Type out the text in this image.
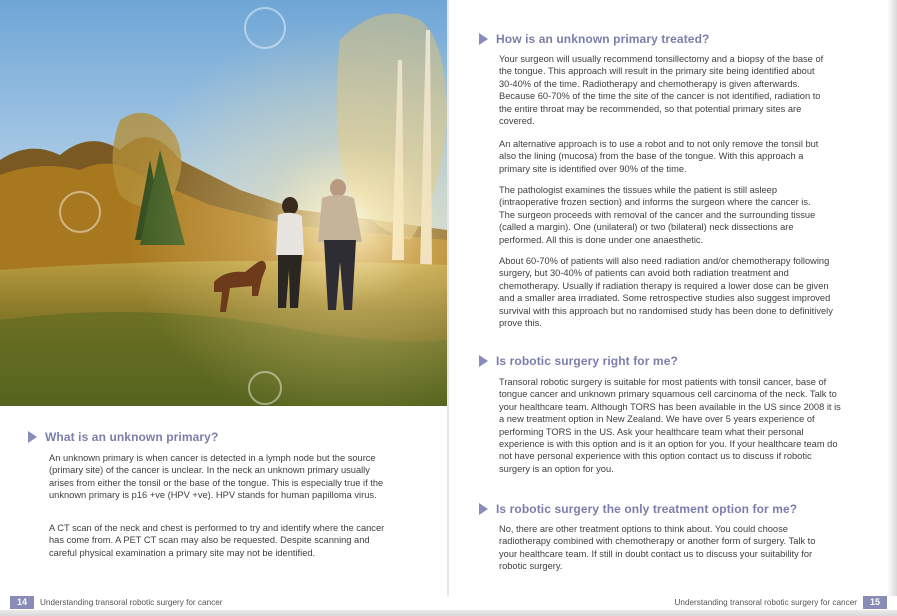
What is an unknown primary?

An unknown primary is when cancer is detected in a lymph node but the source (primary site) of the cancer is unclear. In the neck an unknown primary usually arises from either the tonsil or the base of the tongue. This is especially true if the unknown primary is p16 +ve (HPV +ve). HPV stands for human papilloma virus.

A CT scan of the neck and chest is performed to try and identify where the cancer has come from. A PET CT scan may also be requested. Despite scanning and careful physical examination a primary site may not be identified.

14	Understanding transoral robotic surgery for cancer
How is an unknown primary treated?

Your surgeon will usually recommend tonsillectomy and a biopsy of the base of the tongue. This approach will result in the primary site being identified about 30-40% of the time. Radiotherapy and chemotherapy is given afterwards. Because 60-70% of the time the site of the cancer is not identified, radiation to the entire throat may be recommended, so that potential primary sites are covered.

An alternative approach is to use a robot and to not only remove the tonsil but also the lining (mucosa) from the base of the tongue. With this approach a primary site is identified over 90% of the time.

The pathologist examines the tissues while the patient is still asleep (intraoperative frozen section) and informs the surgeon where the cancer is. The surgeon proceeds with removal of the cancer and the surrounding tissue (called a margin). One (unilateral) or two (bilateral) neck dissections are performed. All this is done under one anaesthetic.

About 60-70% of patients will also need radiation and/or chemotherapy following surgery, but 30-40% of patients can avoid both radiation treatment and chemotherapy. Usually if radiation therapy is required a lower dose can be given and a smaller area irradiated. Some retrospective studies also suggest improved survival with this approach but no randomised study has been done to definitively prove this.

Is robotic surgery right for me?

Transoral robotic surgery is suitable for most patients with tonsil cancer, base of tongue cancer and unknown primary squamous cell carcinoma of the neck. Talk to your healthcare team. Although TORS has been available in the US since 2008 it is a new treatment option in New Zealand. We have over 5 years experience of performing TORS in the US. Ask your healthcare team what their personal experience is with this option and is it an option for you. If your healthcare team do not have personal experience with this option contact us to discuss if robotic surgery is an option for you.

Is robotic surgery the only treatment option for me?

No, there are other treatment options to think about. You could choose radiotherapy combined with chemotherapy or another form of surgery. Talk to your healthcare team. If still in doubt contact us to discuss your suitability for robotic surgery.

Understanding transoral robotic surgery for cancer	15
